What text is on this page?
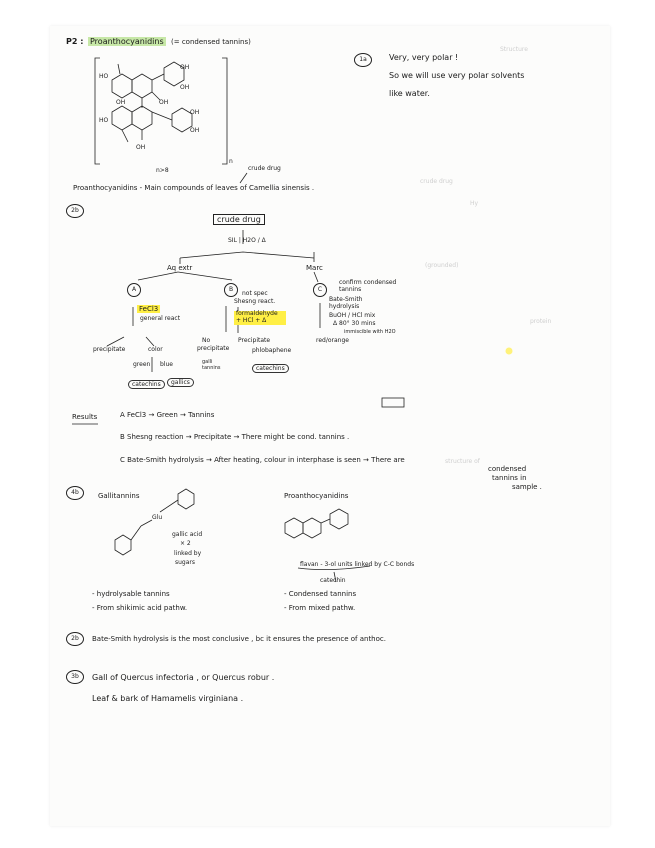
Structure
crude drug
Hy
(grounded)
protein
structure of
P2 : Proanthocyanidins (= condensed tannins)
HO
OH
OH
OH	OH
HO
OH
OH
OH
n
n>8
1a	Very, very polar !
So we will use very polar solvents
like water.
crude drug
Proanthocyanidins - Main compounds of leaves of Camellia sinensis .
2b
crude drug
SIL | H2O / Δ
Aq extr	Marc
A	B	C
FeCl3
general react
not spec
Shesng react.
formaldehyde + HCl + Δ
confirm condensed tannins
Bate-Smith hydrolysis
BuOH / HCl mix
Δ 80° 30 mins
immiscible with H2O
precipitate	color
green blue
catechins	gallics
No
precipitate
Precipitate
phlobaphene
galli tannins	catechins
red/orange
Results	A FeCl3 → Green → Tannins
B Shesng reaction → Precipitate → There might be cond. tannins .
C Bate-Smith hydrolysis → After heating, colour in interphase is seen → There are
condensed
tannins in
sample .
4b	Gallitannins	Proanthocyanidins
Glu
gallic acid
× 2
linked by
sugars	flavan - 3-ol units linked by C-C bonds
catechin
- hydrolysable tannins
- From shikimic acid pathw.
- Condensed tannins
- From mixed pathw.
2b	Bate-Smith hydrolysis is the most conclusive , bc it ensures the presence of anthoc.
3b	Gall of Quercus infectoria , or Quercus robur .
Leaf & bark of Hamamelis virginiana .
